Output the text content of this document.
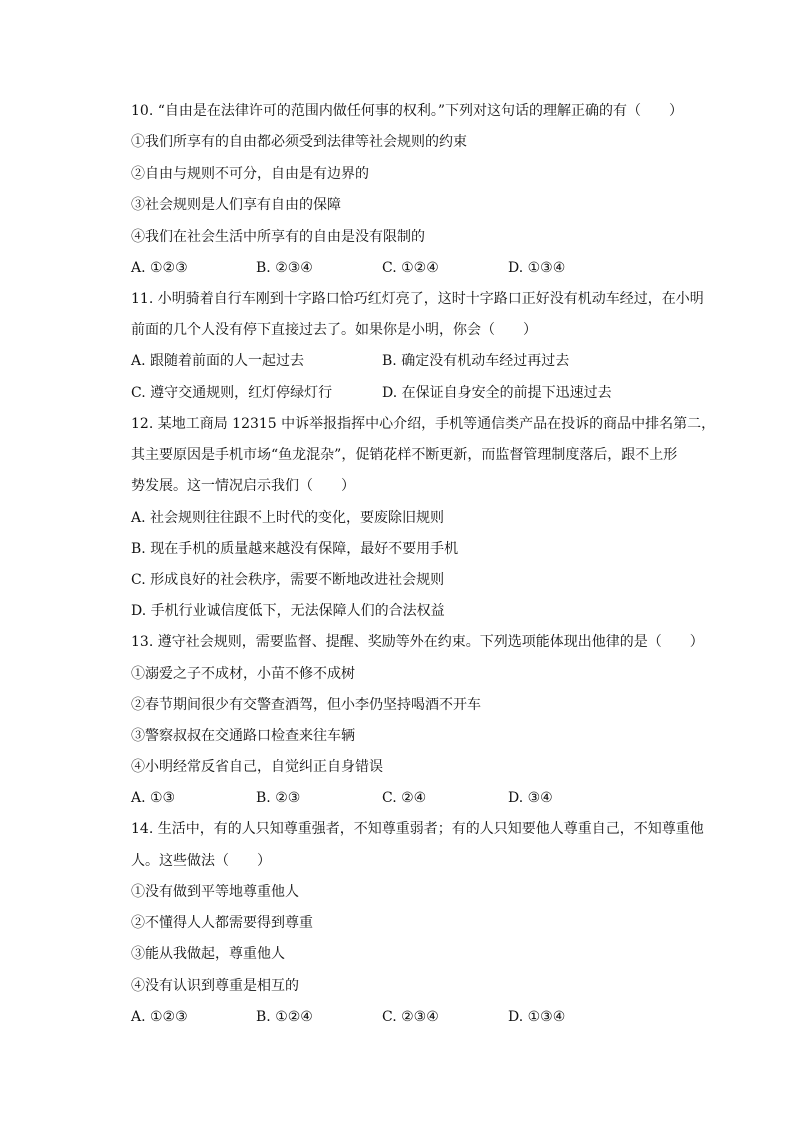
10. “自由是在法律许可的范围内做任何事的权利。”下列对这句话的理解正确的有（　　）
①我们所享有的自由都必须受到法律等社会规则的约束
②自由与规则不可分，自由是有边界的
③社会规则是人们享有自由的保障
④我们在社会生活中所享有的自由是没有限制的
A. ①②③	B. ②③④	C. ①②④	D. ①③④
11. 小明骑着自行车刚到十字路口恰巧红灯亮了，这时十字路口正好没有机动车经过，在小明
前面的几个人没有停下直接过去了。如果你是小明，你会（　　）
A. 跟随着前面的人一起过去	B. 确定没有机动车经过再过去
C. 遵守交通规则，红灯停绿灯行	D. 在保证自身安全的前提下迅速过去
12. 某地工商局 12315 中诉举报指挥中心介绍，手机等通信类产品在投诉的商品中排名第二，
其主要原因是手机市场“鱼龙混杂”，促销花样不断更新，而监督管理制度落后，跟不上形
势发展。这一情况启示我们（　　）
A. 社会规则往往跟不上时代的变化，要废除旧规则
B. 现在手机的质量越来越没有保障，最好不要用手机
C. 形成良好的社会秩序，需要不断地改进社会规则
D. 手机行业诚信度低下，无法保障人们的合法权益
13. 遵守社会规则，需要监督、提醒、奖励等外在约束。下列选项能体现出他律的是（　　）
①溺爱之子不成材，小苗不修不成树
②春节期间很少有交警查酒驾，但小李仍坚持喝酒不开车
③警察叔叔在交通路口检查来往车辆
④小明经常反省自己，自觉纠正自身错误
A. ①③	B. ②③	C. ②④	D. ③④
14. 生活中，有的人只知尊重强者，不知尊重弱者；有的人只知要他人尊重自己，不知尊重他
人。这些做法（　　）
①没有做到平等地尊重他人
②不懂得人人都需要得到尊重
③能从我做起，尊重他人
④没有认识到尊重是相互的
A. ①②③	B. ①②④	C. ②③④	D. ①③④
